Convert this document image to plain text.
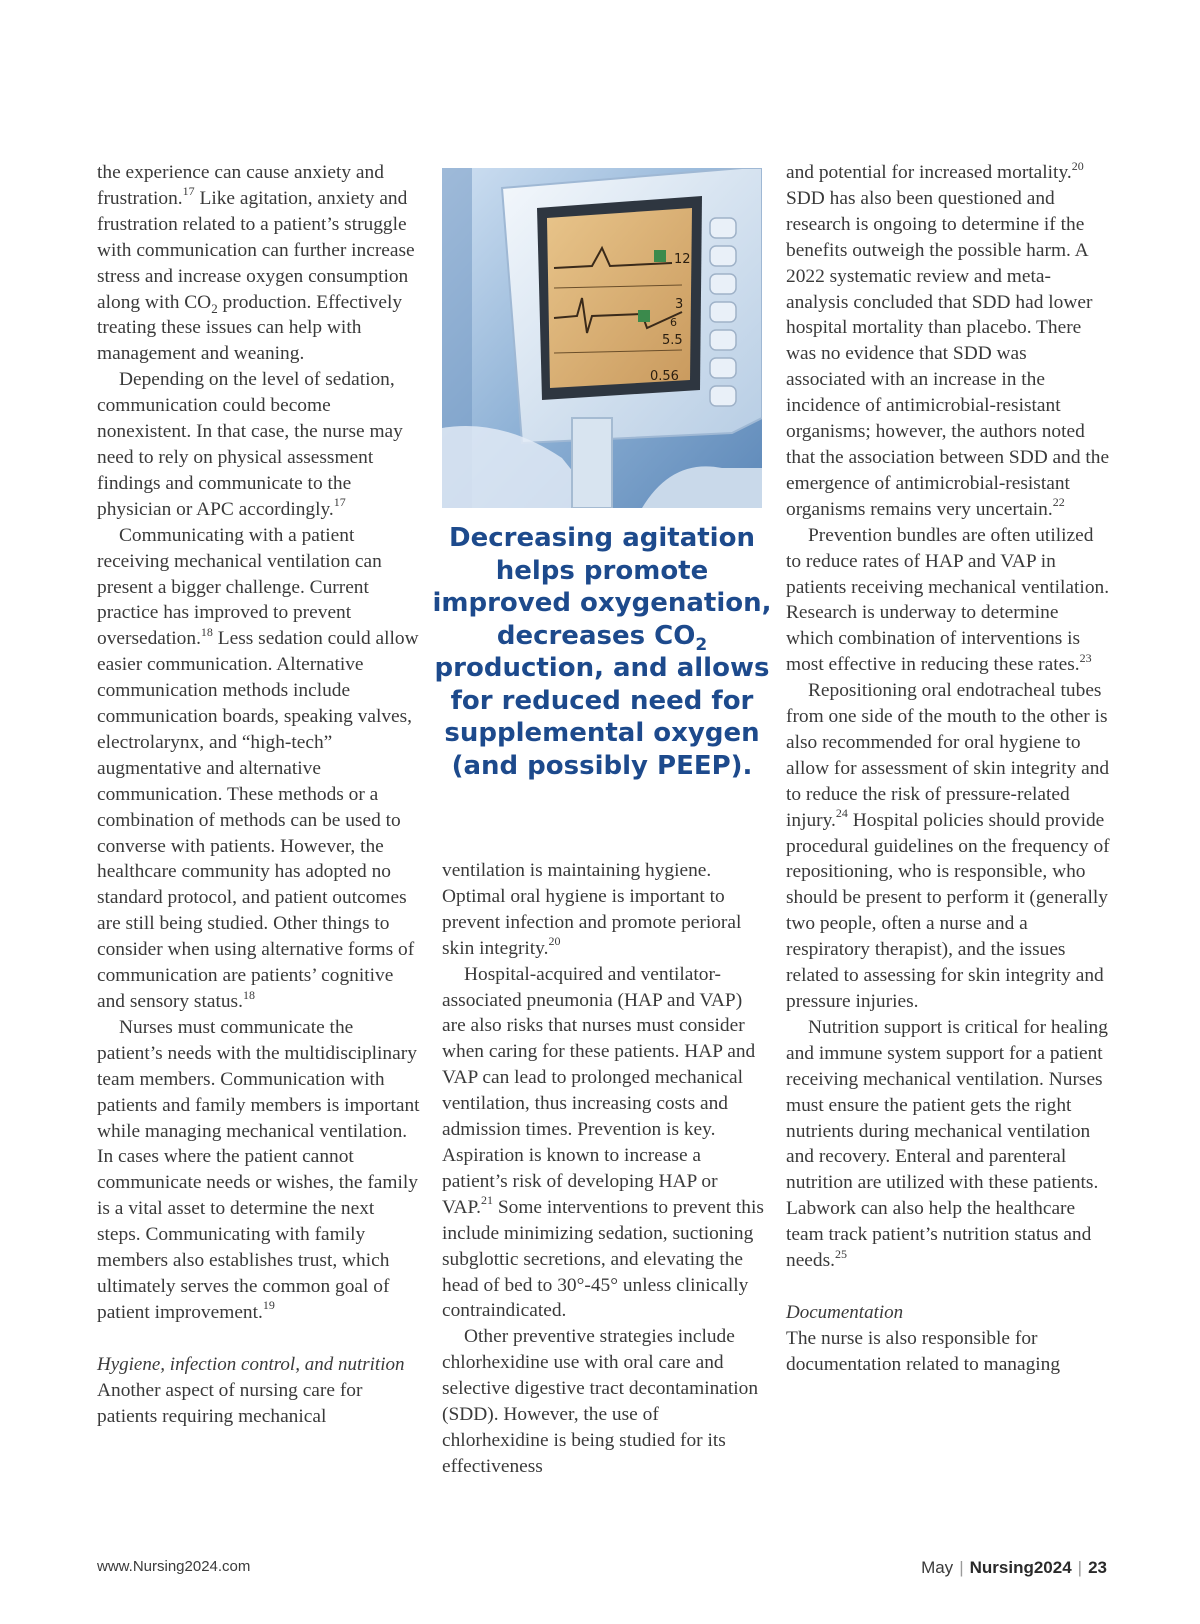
the experience can cause anxiety and frustration.$^{17}$ Like agitation, anxiety and frustration related to a patient’s struggle with communication can further increase stress and increase oxygen consumption along with $CO_2$ production. Effectively treating these issues can help with management and weaning.

Depending on the level of sedation, communication could become nonexistent. In that case, the nurse may need to rely on physical assessment findings and communicate to the physician or APC accordingly.$^{17}$

Communicating with a patient receiving mechanical ventilation can present a bigger challenge. Current practice has improved to prevent oversedation.$^{18}$ Less sedation could allow easier communication. Alternative communication methods include communication boards, speaking valves, electrolarynx, and “high-tech” augmentative and alternative communication. These methods or a combination of methods can be used to converse with patients. However, the healthcare community has adopted no standard protocol, and patient outcomes are still being studied. Other things to consider when using alternative forms of communication are patients’ cognitive and sensory status.$^{18}$

Nurses must communicate the patient’s needs with the multidisciplinary team members. Communication with patients and family members is important while managing mechanical ventilation. In cases where the patient cannot communicate needs or wishes, the family is a vital asset to determine the next steps. Communicating with family members also establishes trust, which ultimately serves the common goal of patient improvement.$^{19}$

Hygiene, infection control, and nutrition

Another aspect of nursing care for patients requiring mechanical

12
3
6
5.5
0.56
Decreasing agitation helps promote improved oxygenation, decreases $CO_2$ production, and allows for reduced need for supplemental oxygen (and possibly PEEP).

ventilation is maintaining hygiene. Optimal oral hygiene is important to prevent infection and promote perioral skin integrity.$^{20}$

Hospital-acquired and ventilator-associated pneumonia (HAP and VAP) are also risks that nurses must consider when caring for these patients. HAP and VAP can lead to prolonged mechanical ventilation, thus increasing costs and admission times. Prevention is key. Aspiration is known to increase a patient’s risk of developing HAP or VAP.$^{21}$ Some interventions to prevent this include minimizing sedation, suctioning subglottic secretions, and elevating the head of bed to 30°-45° unless clinically contraindicated.

Other preventive strategies include chlorhexidine use with oral care and selective digestive tract decontamination (SDD). However, the use of chlorhexidine is being studied for its effectiveness

and potential for increased mortality.$^{20}$ SDD has also been questioned and research is ongoing to determine if the benefits outweigh the possible harm. A 2022 systematic review and meta-analysis concluded that SDD had lower hospital mortality than placebo. There was no evidence that SDD was associated with an increase in the incidence of antimicrobial-resistant organisms; however, the authors noted that the association between SDD and the emergence of antimicrobial-resistant organisms remains very uncertain.$^{22}$

Prevention bundles are often utilized to reduce rates of HAP and VAP in patients receiving mechanical ventilation. Research is underway to determine which combination of interventions is most effective in reducing these rates.$^{23}$

Repositioning oral endotracheal tubes from one side of the mouth to the other is also recommended for oral hygiene to allow for assessment of skin integrity and to reduce the risk of pressure-related injury.$^{24}$ Hospital policies should provide procedural guidelines on the frequency of repositioning, who is responsible, who should be present to perform it (generally two people, often a nurse and a respiratory therapist), and the issues related to assessing for skin integrity and pressure injuries.

Nutrition support is critical for healing and immune system support for a patient receiving mechanical ventilation. Nurses must ensure the patient gets the right nutrients during mechanical ventilation and recovery. Enteral and parenteral nutrition are utilized with these patients. Labwork can also help the healthcare team track patient’s nutrition status and needs.$^{25}$

Documentation

The nurse is also responsible for documentation related to managing

www.Nursing2024.com	May | Nursing2024 | 23
